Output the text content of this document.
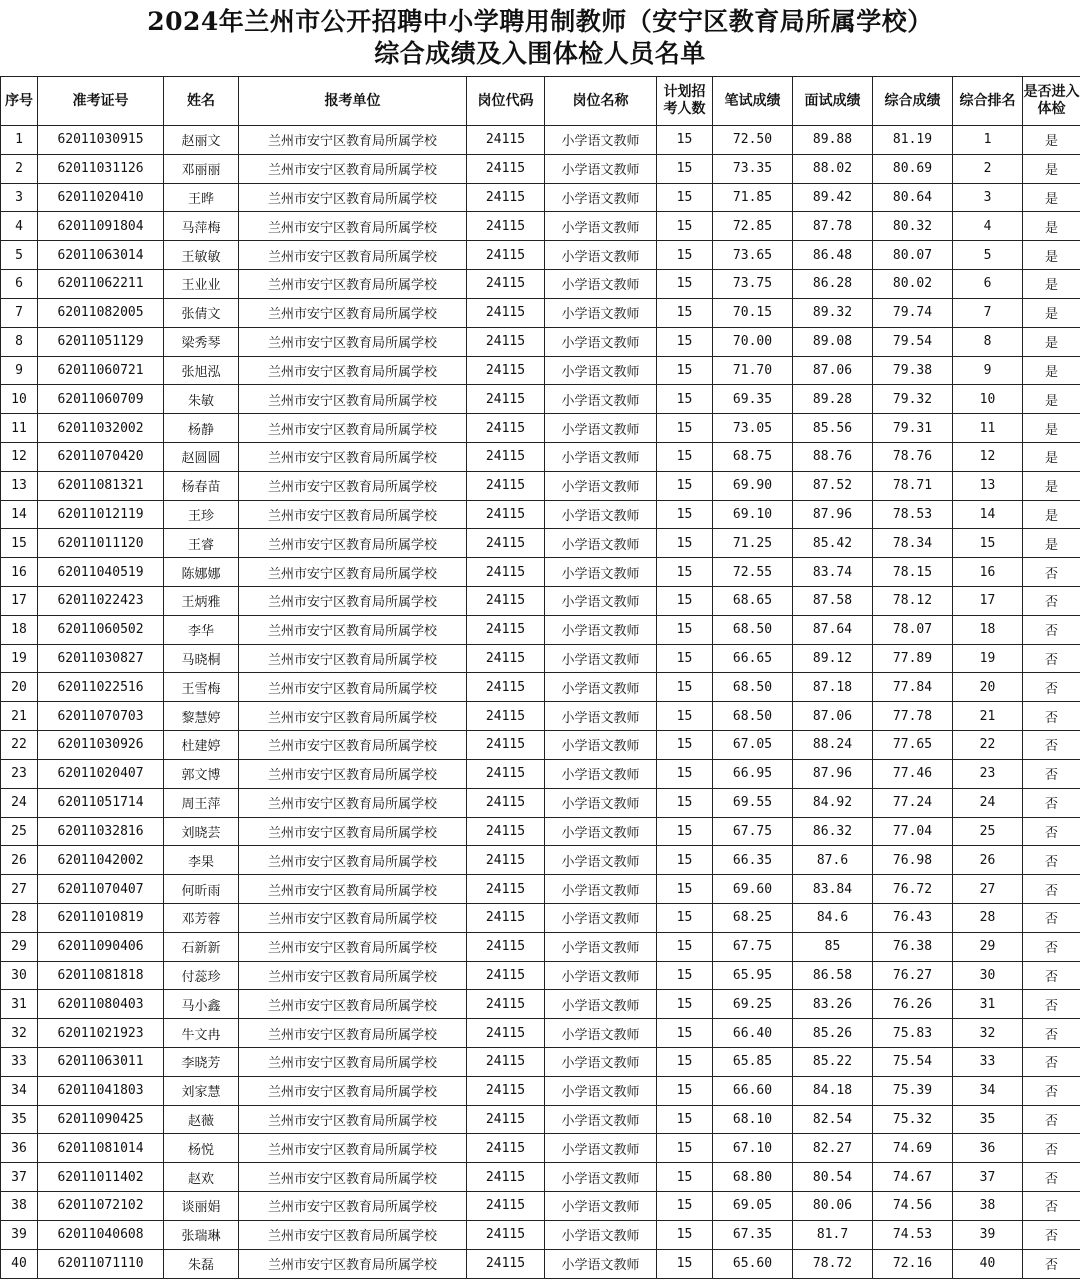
2024年兰州市公开招聘中小学聘用制教师（安宁区教育局所属学校）
综合成绩及入围体检人员名单
序号	准考证号	姓名	报考单位	岗位代码	岗位名称	计划招考人数	笔试成绩	面试成绩	综合成绩	综合排名	是否进入体检
1	62011030915	赵丽文	兰州市安宁区教育局所属学校	24115	小学语文教师	15	72.50	89.88	81.19	1	是
2	62011031126	邓丽丽	兰州市安宁区教育局所属学校	24115	小学语文教师	15	73.35	88.02	80.69	2	是
3	62011020410	王晔	兰州市安宁区教育局所属学校	24115	小学语文教师	15	71.85	89.42	80.64	3	是
4	62011091804	马萍梅	兰州市安宁区教育局所属学校	24115	小学语文教师	15	72.85	87.78	80.32	4	是
5	62011063014	王敏敏	兰州市安宁区教育局所属学校	24115	小学语文教师	15	73.65	86.48	80.07	5	是
6	62011062211	王业业	兰州市安宁区教育局所属学校	24115	小学语文教师	15	73.75	86.28	80.02	6	是
7	62011082005	张倩文	兰州市安宁区教育局所属学校	24115	小学语文教师	15	70.15	89.32	79.74	7	是
8	62011051129	梁秀琴	兰州市安宁区教育局所属学校	24115	小学语文教师	15	70.00	89.08	79.54	8	是
9	62011060721	张旭泓	兰州市安宁区教育局所属学校	24115	小学语文教师	15	71.70	87.06	79.38	9	是
10	62011060709	朱敏	兰州市安宁区教育局所属学校	24115	小学语文教师	15	69.35	89.28	79.32	10	是
11	62011032002	杨静	兰州市安宁区教育局所属学校	24115	小学语文教师	15	73.05	85.56	79.31	11	是
12	62011070420	赵圆圆	兰州市安宁区教育局所属学校	24115	小学语文教师	15	68.75	88.76	78.76	12	是
13	62011081321	杨春苗	兰州市安宁区教育局所属学校	24115	小学语文教师	15	69.90	87.52	78.71	13	是
14	62011012119	王珍	兰州市安宁区教育局所属学校	24115	小学语文教师	15	69.10	87.96	78.53	14	是
15	62011011120	王睿	兰州市安宁区教育局所属学校	24115	小学语文教师	15	71.25	85.42	78.34	15	是
16	62011040519	陈娜娜	兰州市安宁区教育局所属学校	24115	小学语文教师	15	72.55	83.74	78.15	16	否
17	62011022423	王炳雅	兰州市安宁区教育局所属学校	24115	小学语文教师	15	68.65	87.58	78.12	17	否
18	62011060502	李华	兰州市安宁区教育局所属学校	24115	小学语文教师	15	68.50	87.64	78.07	18	否
19	62011030827	马晓桐	兰州市安宁区教育局所属学校	24115	小学语文教师	15	66.65	89.12	77.89	19	否
20	62011022516	王雪梅	兰州市安宁区教育局所属学校	24115	小学语文教师	15	68.50	87.18	77.84	20	否
21	62011070703	黎慧婷	兰州市安宁区教育局所属学校	24115	小学语文教师	15	68.50	87.06	77.78	21	否
22	62011030926	杜建婷	兰州市安宁区教育局所属学校	24115	小学语文教师	15	67.05	88.24	77.65	22	否
23	62011020407	郭文博	兰州市安宁区教育局所属学校	24115	小学语文教师	15	66.95	87.96	77.46	23	否
24	62011051714	周王萍	兰州市安宁区教育局所属学校	24115	小学语文教师	15	69.55	84.92	77.24	24	否
25	62011032816	刘晓芸	兰州市安宁区教育局所属学校	24115	小学语文教师	15	67.75	86.32	77.04	25	否
26	62011042002	李果	兰州市安宁区教育局所属学校	24115	小学语文教师	15	66.35	87.6	76.98	26	否
27	62011070407	何昕雨	兰州市安宁区教育局所属学校	24115	小学语文教师	15	69.60	83.84	76.72	27	否
28	62011010819	邓芳蓉	兰州市安宁区教育局所属学校	24115	小学语文教师	15	68.25	84.6	76.43	28	否
29	62011090406	石新新	兰州市安宁区教育局所属学校	24115	小学语文教师	15	67.75	85	76.38	29	否
30	62011081818	付蕊珍	兰州市安宁区教育局所属学校	24115	小学语文教师	15	65.95	86.58	76.27	30	否
31	62011080403	马小鑫	兰州市安宁区教育局所属学校	24115	小学语文教师	15	69.25	83.26	76.26	31	否
32	62011021923	牛文冉	兰州市安宁区教育局所属学校	24115	小学语文教师	15	66.40	85.26	75.83	32	否
33	62011063011	李晓芳	兰州市安宁区教育局所属学校	24115	小学语文教师	15	65.85	85.22	75.54	33	否
34	62011041803	刘家慧	兰州市安宁区教育局所属学校	24115	小学语文教师	15	66.60	84.18	75.39	34	否
35	62011090425	赵薇	兰州市安宁区教育局所属学校	24115	小学语文教师	15	68.10	82.54	75.32	35	否
36	62011081014	杨悦	兰州市安宁区教育局所属学校	24115	小学语文教师	15	67.10	82.27	74.69	36	否
37	62011011402	赵欢	兰州市安宁区教育局所属学校	24115	小学语文教师	15	68.80	80.54	74.67	37	否
38	62011072102	谈丽娟	兰州市安宁区教育局所属学校	24115	小学语文教师	15	69.05	80.06	74.56	38	否
39	62011040608	张瑞琳	兰州市安宁区教育局所属学校	24115	小学语文教师	15	67.35	81.7	74.53	39	否
40	62011071110	朱磊	兰州市安宁区教育局所属学校	24115	小学语文教师	15	65.60	78.72	72.16	40	否
